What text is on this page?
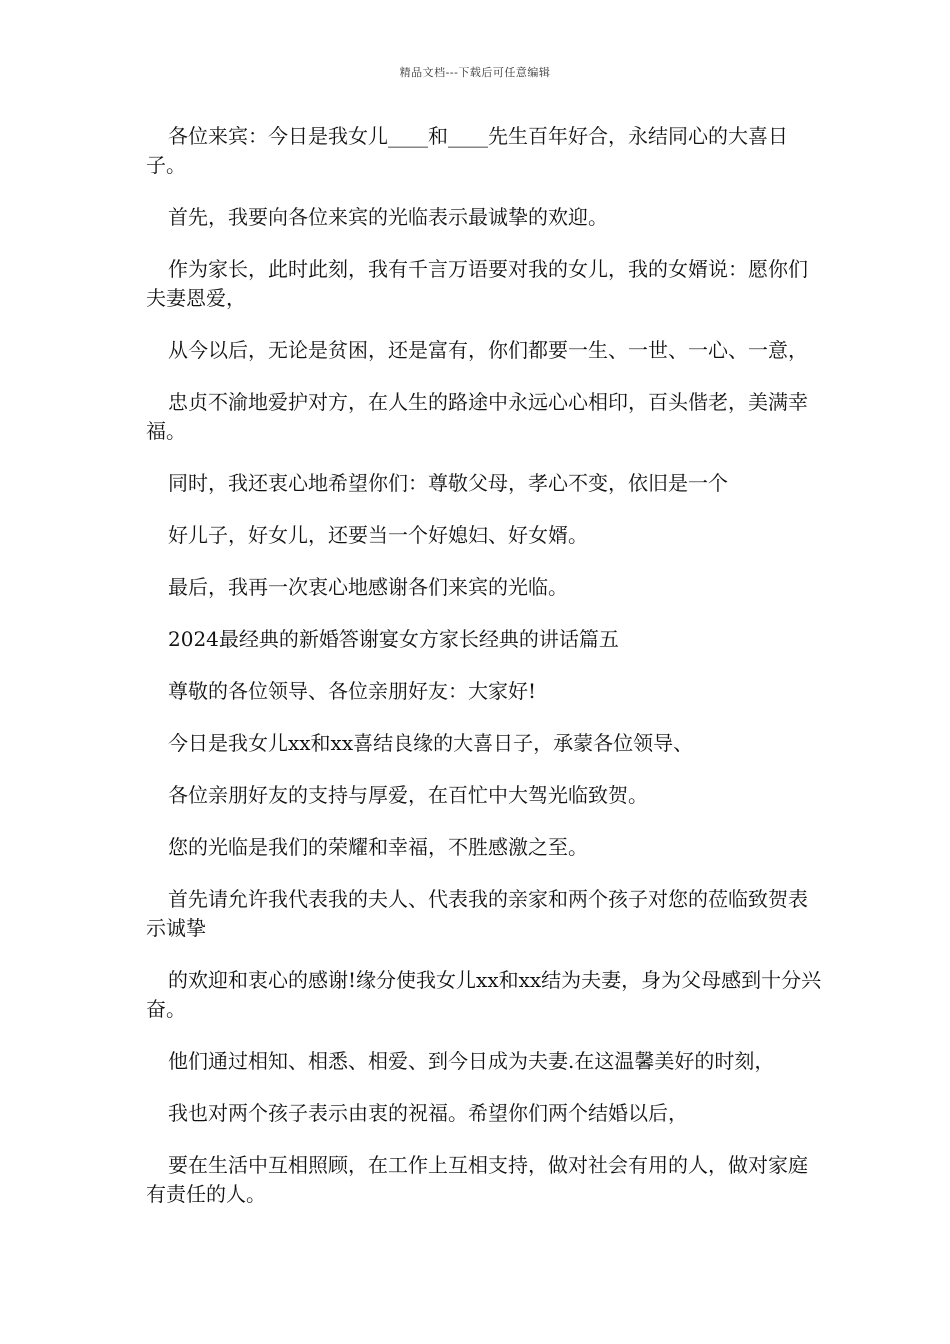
精品文档---下载后可任意编辑

各位来宾：今日是我女儿____和____先生百年好合，永结同心的大喜日子。

首先，我要向各位来宾的光临表示最诚挚的欢迎。

作为家长，此时此刻，我有千言万语要对我的女儿，我的女婿说：愿你们夫妻恩爱，

从今以后，无论是贫困，还是富有，你们都要一生、一世、一心、一意，

忠贞不渝地爱护对方，在人生的路途中永远心心相印，百头偕老，美满幸福。

同时，我还衷心地希望你们：尊敬父母，孝心不变，依旧是一个

好儿子，好女儿，还要当一个好媳妇、好女婿。

最后，我再一次衷心地感谢各们来宾的光临。

2024最经典的新婚答谢宴女方家长经典的讲话篇五

尊敬的各位领导、各位亲朋好友：大家好!

今日是我女儿xx和xx喜结良缘的大喜日子，承蒙各位领导、

各位亲朋好友的支持与厚爱，在百忙中大驾光临致贺。

您的光临是我们的荣耀和幸福，不胜感激之至。

首先请允许我代表我的夫人、代表我的亲家和两个孩子对您的莅临致贺表示诚挚

的欢迎和衷心的感谢!缘分使我女儿xx和xx结为夫妻，身为父母感到十分兴奋。

他们通过相知、相悉、相爱、到今日成为夫妻.在这温馨美好的时刻，

我也对两个孩子表示由衷的祝福。希望你们两个结婚以后，

要在生活中互相照顾，在工作上互相支持，做对社会有用的人，做对家庭有责任的人。
